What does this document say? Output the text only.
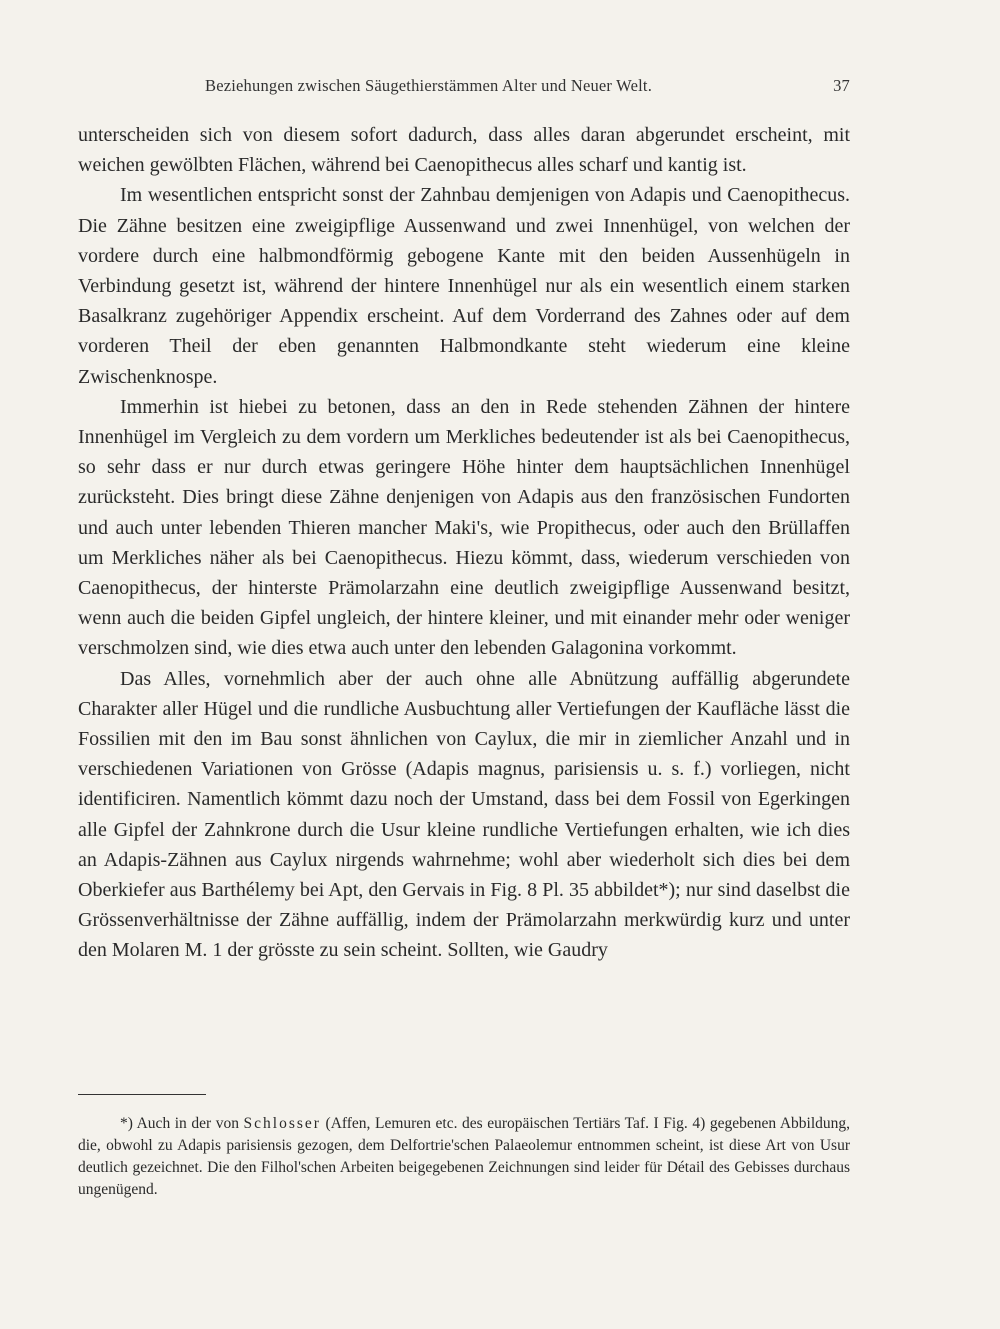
Beziehungen zwischen Säugethierstämmen Alter und Neuer Welt.	37

unterscheiden sich von diesem sofort dadurch, dass alles daran abgerundet erscheint, mit weichen gewölbten Flächen, während bei Caenopithecus alles scharf und kantig ist.

Im wesentlichen entspricht sonst der Zahnbau demjenigen von Adapis und Caenopithecus. Die Zähne besitzen eine zweigipflige Aussenwand und zwei Innenhügel, von welchen der vordere durch eine halbmondförmig gebogene Kante mit den beiden Aussenhügeln in Verbindung gesetzt ist, während der hintere Innenhügel nur als ein wesentlich einem starken Basalkranz zugehöriger Appendix erscheint. Auf dem Vorderrand des Zahnes oder auf dem vorderen Theil der eben genannten Halbmondkante steht wiederum eine kleine Zwischenknospe.

Immerhin ist hiebei zu betonen, dass an den in Rede stehenden Zähnen der hintere Innenhügel im Vergleich zu dem vordern um Merkliches bedeutender ist als bei Caenopithecus, so sehr dass er nur durch etwas geringere Höhe hinter dem hauptsächlichen Innenhügel zurücksteht. Dies bringt diese Zähne denjenigen von Adapis aus den französischen Fundorten und auch unter lebenden Thieren mancher Maki's, wie Propithecus, oder auch den Brüllaffen um Merkliches näher als bei Caenopithecus. Hiezu kömmt, dass, wiederum verschieden von Caenopithecus, der hinterste Prämolarzahn eine deutlich zweigipflige Aussenwand besitzt, wenn auch die beiden Gipfel ungleich, der hintere kleiner, und mit einander mehr oder weniger verschmolzen sind, wie dies etwa auch unter den lebenden Galagonina vorkommt.

Das Alles, vornehmlich aber der auch ohne alle Abnützung auffällig abgerundete Charakter aller Hügel und die rundliche Ausbuchtung aller Vertiefungen der Kaufläche lässt die Fossilien mit den im Bau sonst ähnlichen von Caylux, die mir in ziemlicher Anzahl und in verschiedenen Variationen von Grösse (Adapis magnus, parisiensis u. s. f.) vorliegen, nicht identificiren. Namentlich kömmt dazu noch der Umstand, dass bei dem Fossil von Egerkingen alle Gipfel der Zahnkrone durch die Usur kleine rundliche Vertiefungen erhalten, wie ich dies an Adapis-Zähnen aus Caylux nirgends wahrnehme; wohl aber wiederholt sich dies bei dem Oberkiefer aus Barthélemy bei Apt, den Gervais in Fig. 8 Pl. 35 abbildet*); nur sind daselbst die Grössenverhältnisse der Zähne auffällig, indem der Prämolarzahn merkwürdig kurz und unter den Molaren M. 1 der grösste zu sein scheint. Sollten, wie Gaudry

*) Auch in der von Schlosser (Affen, Lemuren etc. des europäischen Tertiärs Taf. I Fig. 4) gegebenen Abbildung, die, obwohl zu Adapis parisiensis gezogen, dem Delfortrie'schen Palaeolemur entnommen scheint, ist diese Art von Usur deutlich gezeichnet. Die den Filhol'schen Arbeiten beigegebenen Zeichnungen sind leider für Détail des Gebisses durchaus ungenügend.
